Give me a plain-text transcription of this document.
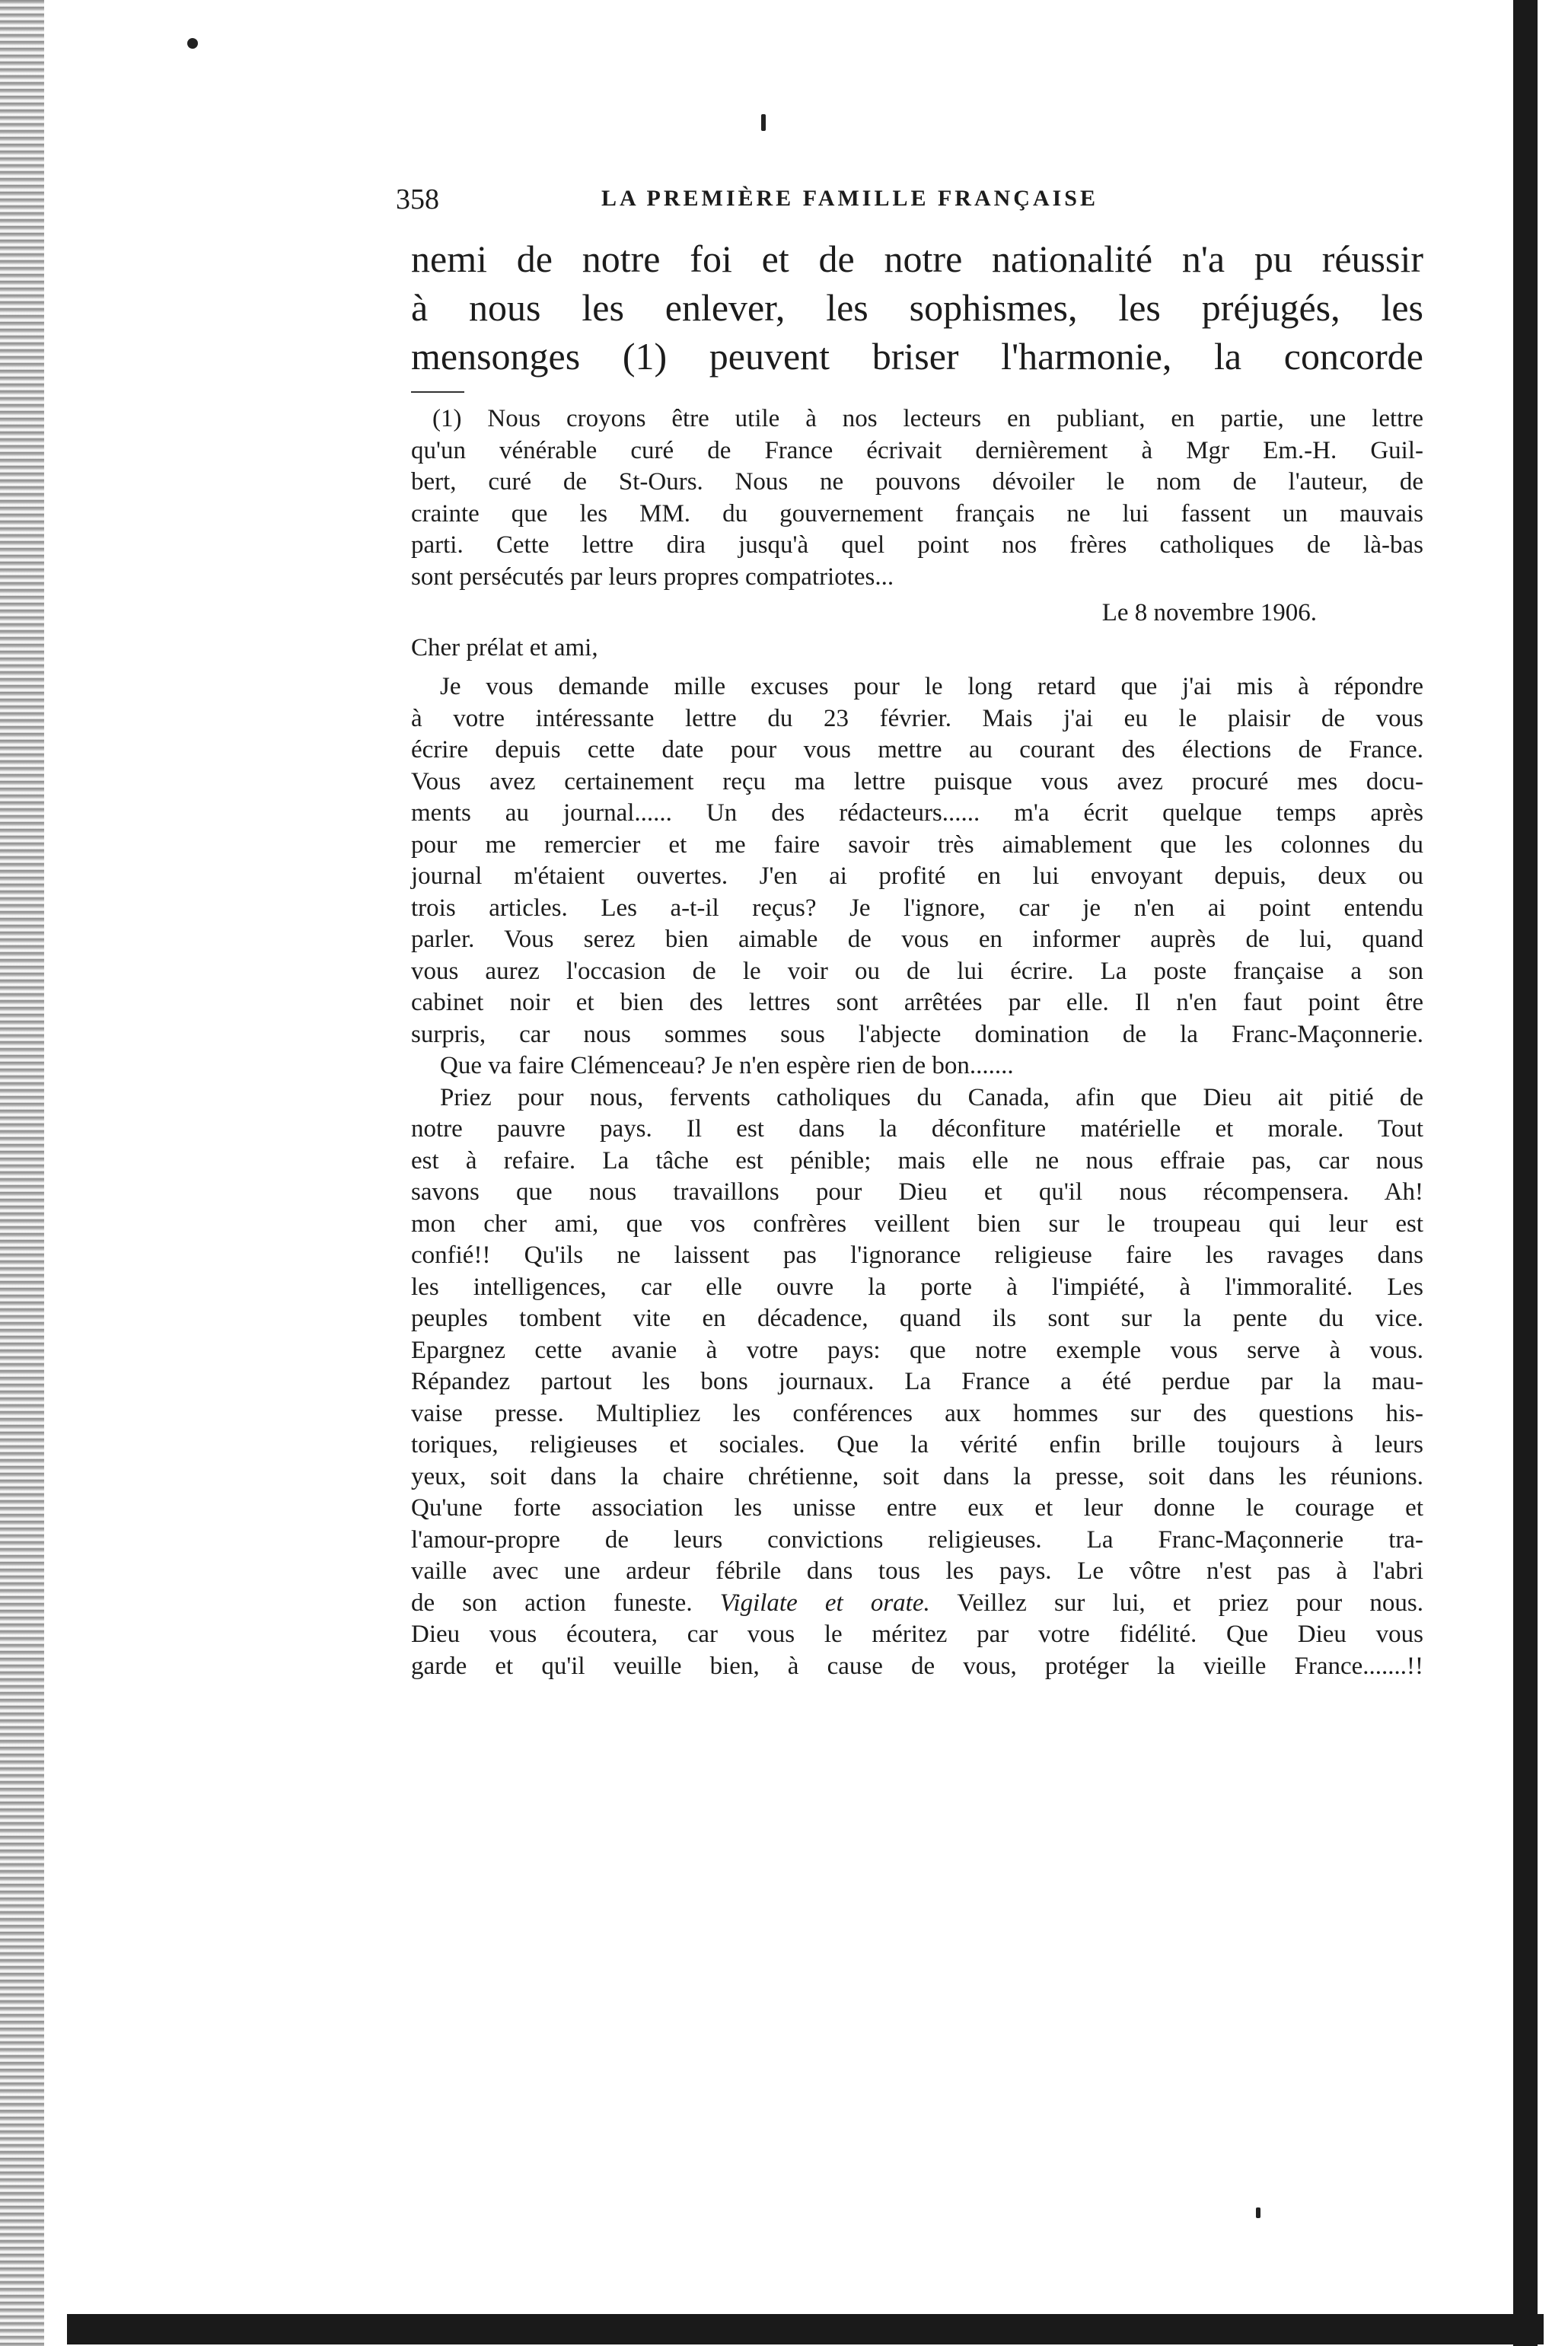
358	LA PREMIÈRE FAMILLE FRANÇAISE
nemi de notre foi et de notre nationalité n'a pu réussir
à nous les enlever, les sophismes, les préjugés, les
mensonges (1) peuvent briser l'harmonie, la concorde
(1) Nous croyons être utile à nos lecteurs en publiant, en partie, une lettre
qu'un vénérable curé de France écrivait dernièrement à Mgr Em.-H. Guil-
bert, curé de St-Ours. Nous ne pouvons dévoiler le nom de l'auteur, de
crainte que les MM. du gouvernement français ne lui fassent un mauvais
parti. Cette lettre dira jusqu'à quel point nos frères catholiques de là-bas
sont persécutés par leurs propres compatriotes...

Le 8 novembre 1906.

Cher prélat et ami,

Je vous demande mille excuses pour le long retard que j'ai mis à répondre
à votre intéressante lettre du 23 février. Mais j'ai eu le plaisir de vous
écrire depuis cette date pour vous mettre au courant des élections de France.
Vous avez certainement reçu ma lettre puisque vous avez procuré mes docu-
ments au journal...... Un des rédacteurs...... m'a écrit quelque temps après
pour me remercier et me faire savoir très aimablement que les colonnes du
journal m'étaient ouvertes. J'en ai profité en lui envoyant depuis, deux ou
trois articles. Les a-t-il reçus? Je l'ignore, car je n'en ai point entendu
parler. Vous serez bien aimable de vous en informer auprès de lui, quand
vous aurez l'occasion de le voir ou de lui écrire. La poste française a son
cabinet noir et bien des lettres sont arrêtées par elle. Il n'en faut point être
surpris, car nous sommes sous l'abjecte domination de la Franc-Maçonnerie.
Que va faire Clémenceau? Je n'en espère rien de bon.......
Priez pour nous, fervents catholiques du Canada, afin que Dieu ait pitié de
notre pauvre pays. Il est dans la déconfiture matérielle et morale. Tout
est à refaire. La tâche est pénible; mais elle ne nous effraie pas, car nous
savons que nous travaillons pour Dieu et qu'il nous récompensera. Ah!
mon cher ami, que vos confrères veillent bien sur le troupeau qui leur est
confié!! Qu'ils ne laissent pas l'ignorance religieuse faire les ravages dans
les intelligences, car elle ouvre la porte à l'impiété, à l'immoralité. Les
peuples tombent vite en décadence, quand ils sont sur la pente du vice.
Epargnez cette avanie à votre pays: que notre exemple vous serve à vous.
Répandez partout les bons journaux. La France a été perdue par la mau-
vaise presse. Multipliez les conférences aux hommes sur des questions his-
toriques, religieuses et sociales. Que la vérité enfin brille toujours à leurs
yeux, soit dans la chaire chrétienne, soit dans la presse, soit dans les réunions.
Qu'une forte association les unisse entre eux et leur donne le courage et
l'amour-propre de leurs convictions religieuses. La Franc-Maçonnerie tra-
vaille avec une ardeur fébrile dans tous les pays. Le vôtre n'est pas à l'abri
de son action funeste. Vigilate et orate. Veillez sur lui, et priez pour nous.
Dieu vous écoutera, car vous le méritez par votre fidélité. Que Dieu vous
garde et qu'il veuille bien, à cause de vous, protéger la vieille France.......!!
